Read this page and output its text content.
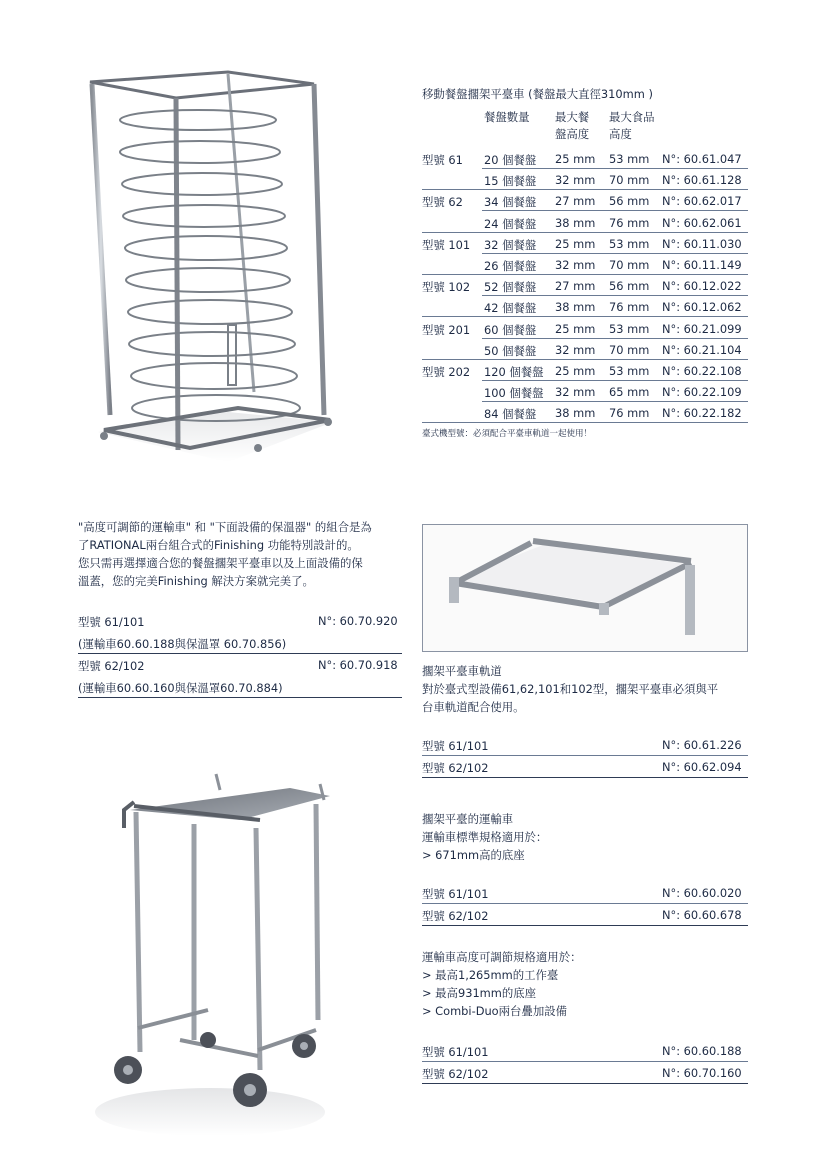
移動餐盤擱架平臺車 (餐盤最大直徑310mm )
餐盤數量 最大餐
盤高度
最大食品
高度
型號 61 20 個餐盤 25 mm 53 mm N°: 60.61.047
15 個餐盤 32 mm 70 mm N°: 60.61.128
型號 62 34 個餐盤 27 mm 56 mm N°: 60.62.017
24 個餐盤 38 mm 76 mm N°: 60.62.061
型號 101 32 個餐盤 25 mm 53 mm N°: 60.11.030
26 個餐盤 32 mm 70 mm N°: 60.11.149
型號 102 52 個餐盤 27 mm 56 mm N°: 60.12.022
42 個餐盤 38 mm 76 mm N°: 60.12.062
型號 201 60 個餐盤 25 mm 53 mm N°: 60.21.099
50 個餐盤 32 mm 70 mm N°: 60.21.104
型號 202 120 個餐盤 25 mm 53 mm N°: 60.22.108
100 個餐盤 32 mm 65 mm N°: 60.22.109
84 個餐盤 38 mm 76 mm N°: 60.22.182
臺式機型號：必須配合平臺車軌道一起使用！
"高度可調節的運輸車" 和 "下面設備的保溫器" 的組合是為
了RATIONAL兩台組合式的Finishing 功能特別設計的。
您只需再選擇適合您的餐盤擱架平臺車以及上面設備的保
溫蓋，您的完美Finishing 解決方案就完美了。
型號 61/101	N°: 60.70.920
(運輸車60.60.188與保溫罩 60.70.856)
型號 62/102	N°: 60.70.918
(運輸車60.60.160與保溫罩60.70.884)
擱架平臺車軌道
對於臺式型設備61,62,101和102型，擱架平臺車必須與平
台車軌道配合使用。
型號 61/101	N°: 60.61.226
型號 62/102	N°: 60.62.094
擱架平臺的運輸車
運輸車標準規格適用於：
> 671mm高的底座
型號 61/101	N°: 60.60.020
型號 62/102	N°: 60.60.678
運輸車高度可調節規格適用於：
> 最高1,265mm的工作臺
> 最高931mm的底座
> Combi-Duo兩台疊加設備
型號 61/101	N°: 60.60.188
型號 62/102	N°: 60.70.160
